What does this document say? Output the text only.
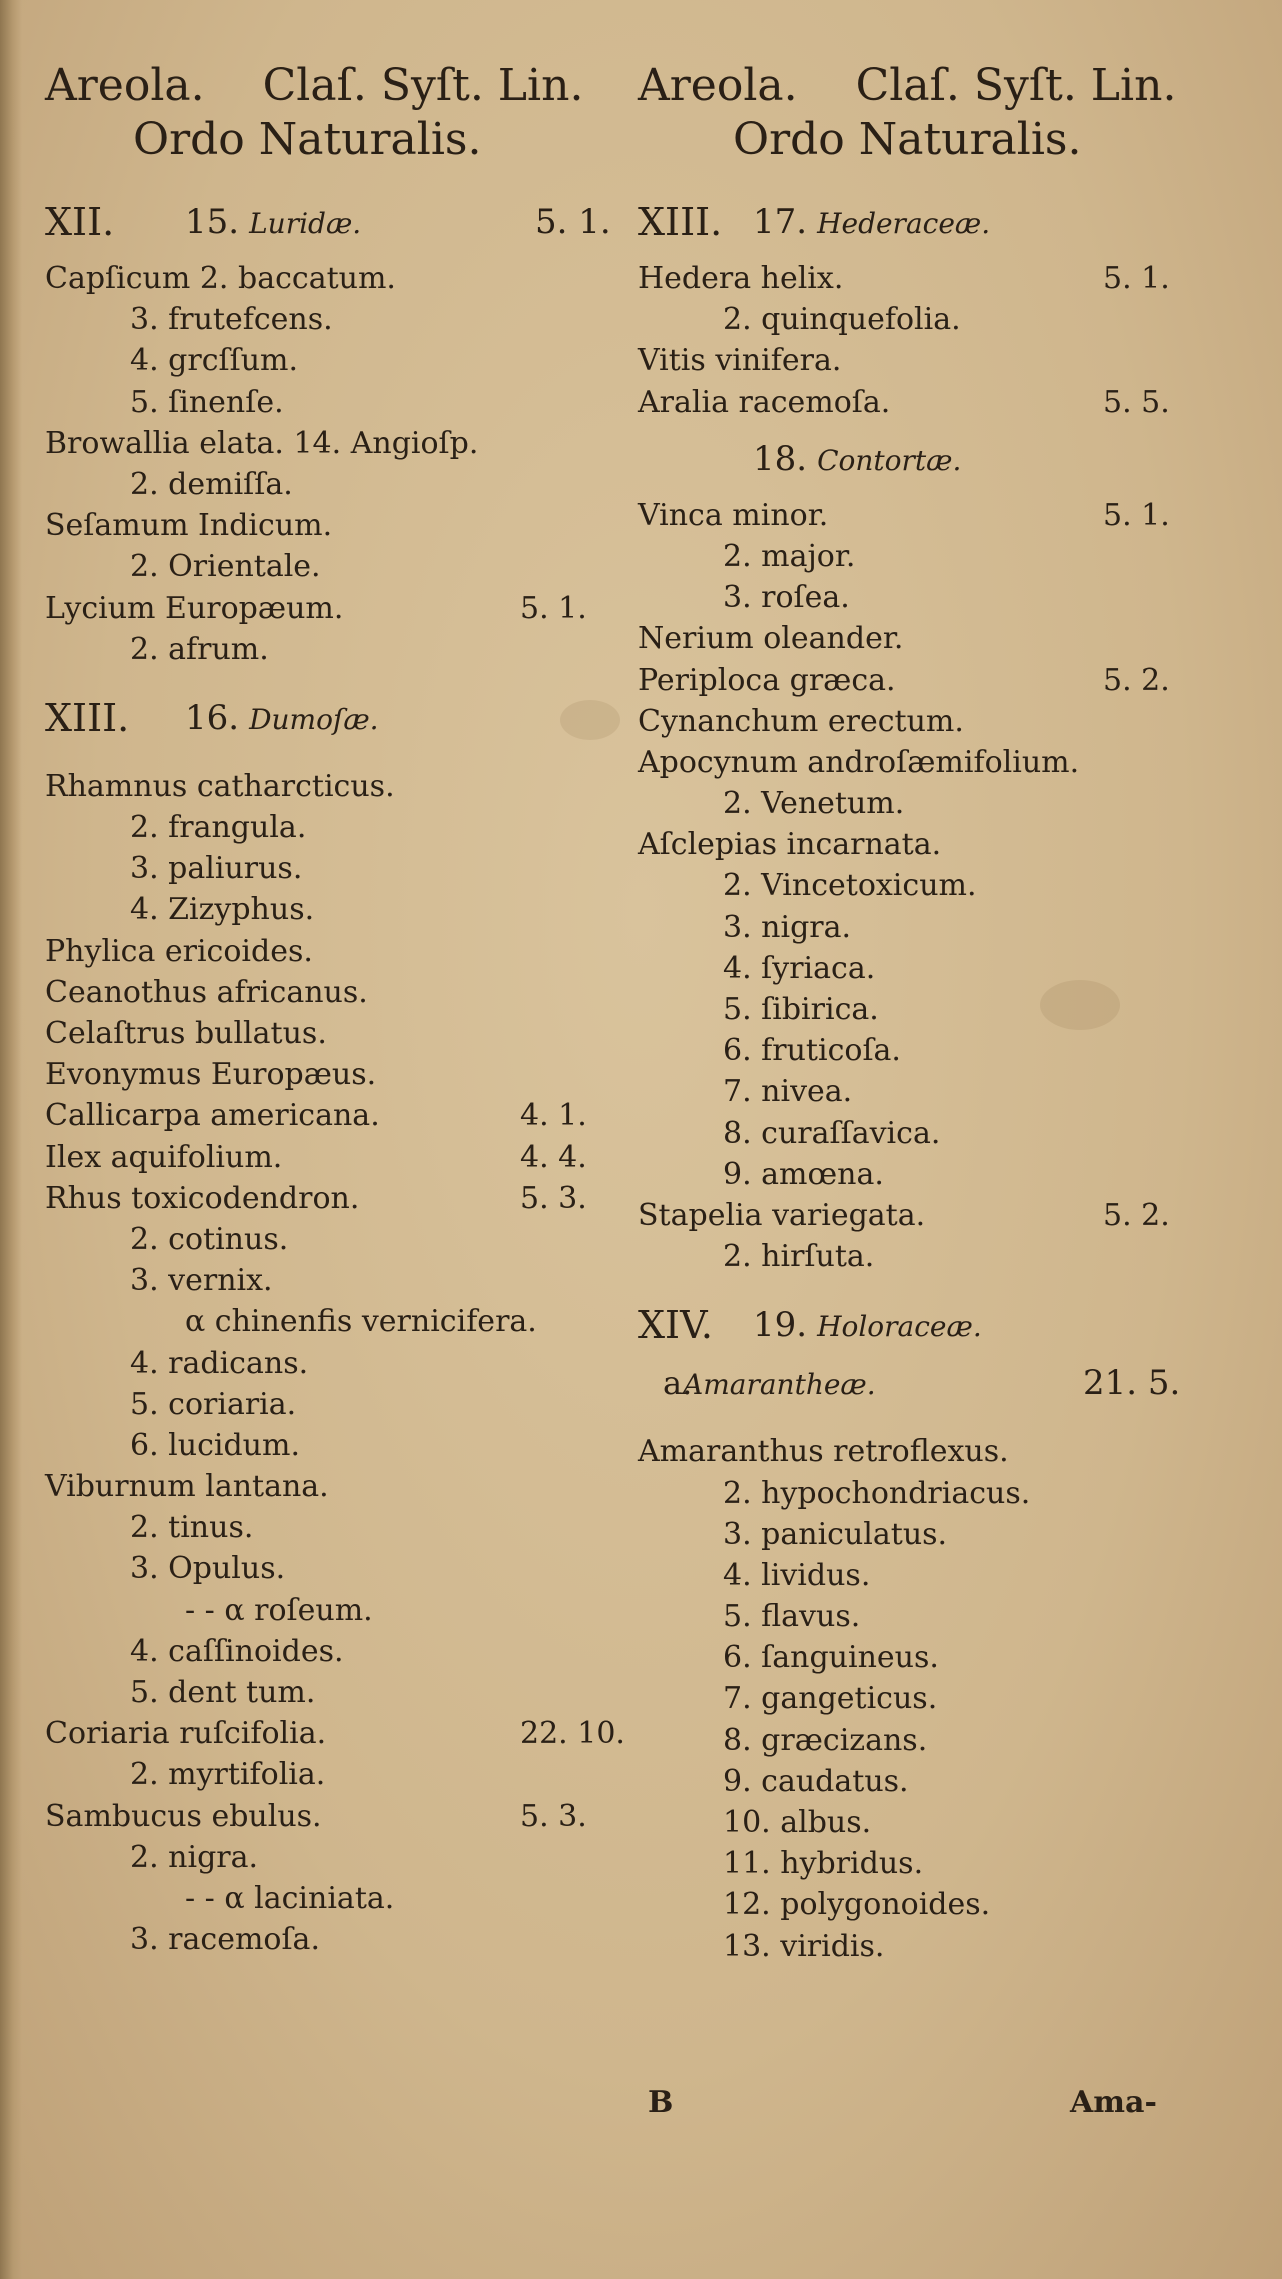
Areola. Claſ. Syſt. Lin.
Ordo Naturalis.
XII. 15. Luridæ.	5. 1.
Capſicum 2. baccatum.
3. frutefcens.
4. grcſſum.
5. ſinenſe.
Browallia elata. 14. Angioſp.
2. demiſſa.
Seſamum Indicum.
2. Orientale.
Lycium Europæum.	5. 1.
2. afrum.
XIII. 16. Dumoſæ.
Rhamnus catharcticus.
2. frangula.
3. paliurus.
4. Zizyphus.
Phylica ericoides.
Ceanothus africanus.
Celaſtrus bullatus.
Evonymus Europæus.
Callicarpa americana.	4. 1.
Ilex aquifolium.	4. 4.
Rhus toxicodendron.	5. 3.
2. cotinus.
3. vernix.
α chinenfis vernicifera.
4. radicans.
5. coriaria.
6. lucidum.
Viburnum lantana.
2. tinus.
3. Opulus.
- - α roſeum.
4. caſſinoides.
5. dent tum.
Coriaria ruſcifolia.	22. 10.
2. myrtifolia.
Sambucus ebulus.	5. 3.
2. nigra.
- - α laciniata.
3. racemoſa.
Areola. Claſ. Syſt. Lin.
Ordo Naturalis.
XIII. 17. Hederaceæ.
Hedera helix.	5. 1.
2. quinquefolia.
Vitis vinifera.
Aralia racemoſa.	5. 5.
18. Contortæ.
Vinca minor.	5. 1.
2. major.
3. roſea.
Nerium oleander.
Periploca græca.	5. 2.
Cynanchum erectum.
Apocynum androſæmifolium.
2. Venetum.
Aſclepias incarnata.
2. Vincetoxicum.
3. nigra.
4. ſyriaca.
5. ſibirica.
6. fruticoſa.
7. nivea.
8. curaſſavica.
9. amœna.
Stapelia variegata.	5. 2.
2. hirſuta.
XIV. 19. Holoraceæ.
a.
Amarantheæ.	21. 5.
Amaranthus retroflexus.
2. hypochondriacus.
3. paniculatus.
4. lividus.
5. flavus.
6. ſanguineus.
7. gangeticus.
8. græcizans.
9. caudatus.
10. albus.
11. hybridus.
12. polygonoides.
13. viridis.
B	Ama-
